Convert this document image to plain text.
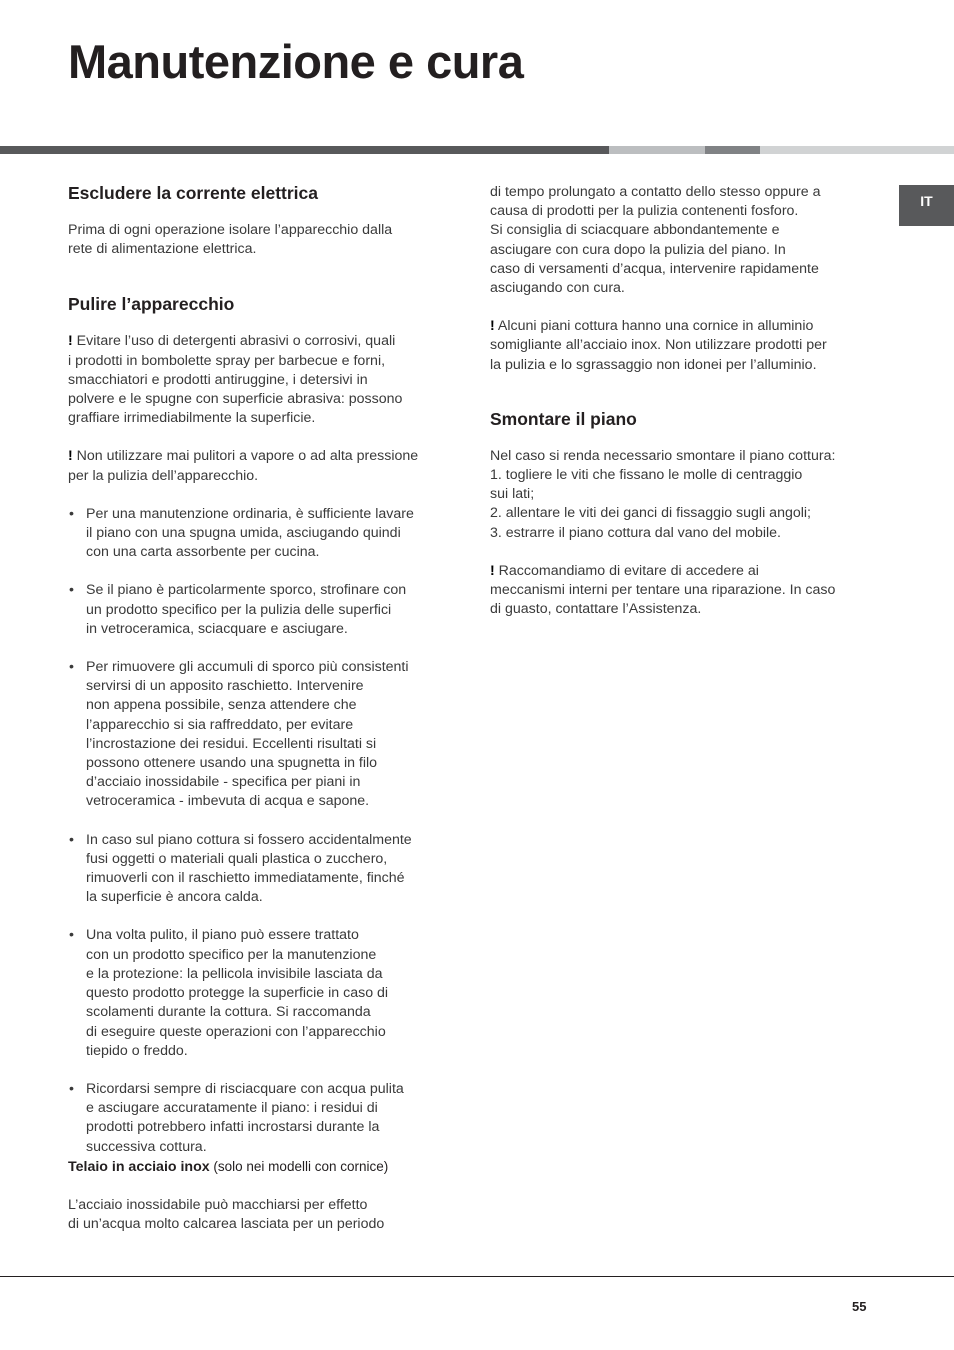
Manutenzione e cura
IT
Escludere la corrente elettrica

Prima di ogni operazione isolare l’apparecchio dalla
rete di alimentazione elettrica.

Pulire l’apparecchio

! Evitare l’uso di detergenti abrasivi o corrosivi, quali
i prodotti in bombolette spray per barbecue e forni,
smacchiatori e prodotti antiruggine, i detersivi in
polvere e le spugne con superficie abrasiva: possono
graffiare irrimediabilmente la superficie.

! Non utilizzare mai pulitori a vapore o ad alta pressione
per la pulizia dell’apparecchio.

• Per una manutenzione ordinaria, è sufficiente lavare
il piano con una spugna umida, asciugando quindi
con una carta assorbente per cucina.
• Se il piano è particolarmente sporco, strofinare con
un prodotto specifico per la pulizia delle superfici
in vetroceramica, sciacquare e asciugare.
• Per rimuovere gli accumuli di sporco più consistenti
servirsi di un apposito raschietto. Intervenire
non appena possibile, senza attendere che
l’apparecchio si sia raffreddato, per evitare
l’incrostazione dei residui. Eccellenti risultati si
possono ottenere usando una spugnetta in filo
d’acciaio inossidabile - specifica per piani in
vetroceramica - imbevuta di acqua e sapone.
• In caso sul piano cottura si fossero accidentalmente
fusi oggetti o materiali quali plastica o zucchero,
rimuoverli con il raschietto immediatamente, finché
la superficie è ancora calda.
• Una volta pulito, il piano può essere trattato
con un prodotto specifico per la manutenzione
e la protezione: la pellicola invisibile lasciata da
questo prodotto protegge la superficie in caso di
scolamenti durante la cottura. Si raccomanda
di eseguire queste operazioni con l’apparecchio
tiepido o freddo.
• Ricordarsi sempre di risciacquare con acqua pulita
e asciugare accuratamente il piano: i residui di
prodotti potrebbero infatti incrostarsi durante la
successiva cottura.

Telaio in acciaio inox (solo nei modelli con cornice)

L’acciaio inossidabile può macchiarsi per effetto
di un’acqua molto calcarea lasciata per un periodo

di tempo prolungato a contatto dello stesso oppure a
causa di prodotti per la pulizia contenenti fosforo.
Si consiglia di sciacquare abbondantemente e
asciugare con cura dopo la pulizia del piano. In
caso di versamenti d’acqua, intervenire rapidamente
asciugando con cura.

! Alcuni piani cottura hanno una cornice in alluminio
somigliante all’acciaio inox. Non utilizzare prodotti per
la pulizia e lo sgrassaggio non idonei per l’alluminio.

Smontare il piano

Nel caso si renda necessario smontare il piano cottura:
1. togliere le viti che fissano le molle di centraggio
sui lati;
2. allentare le viti dei ganci di fissaggio sugli angoli;
3. estrarre il piano cottura dal vano del mobile.

! Raccomandiamo di evitare di accedere ai
meccanismi interni per tentare una riparazione. In caso
di guasto, contattare l’Assistenza.

55
